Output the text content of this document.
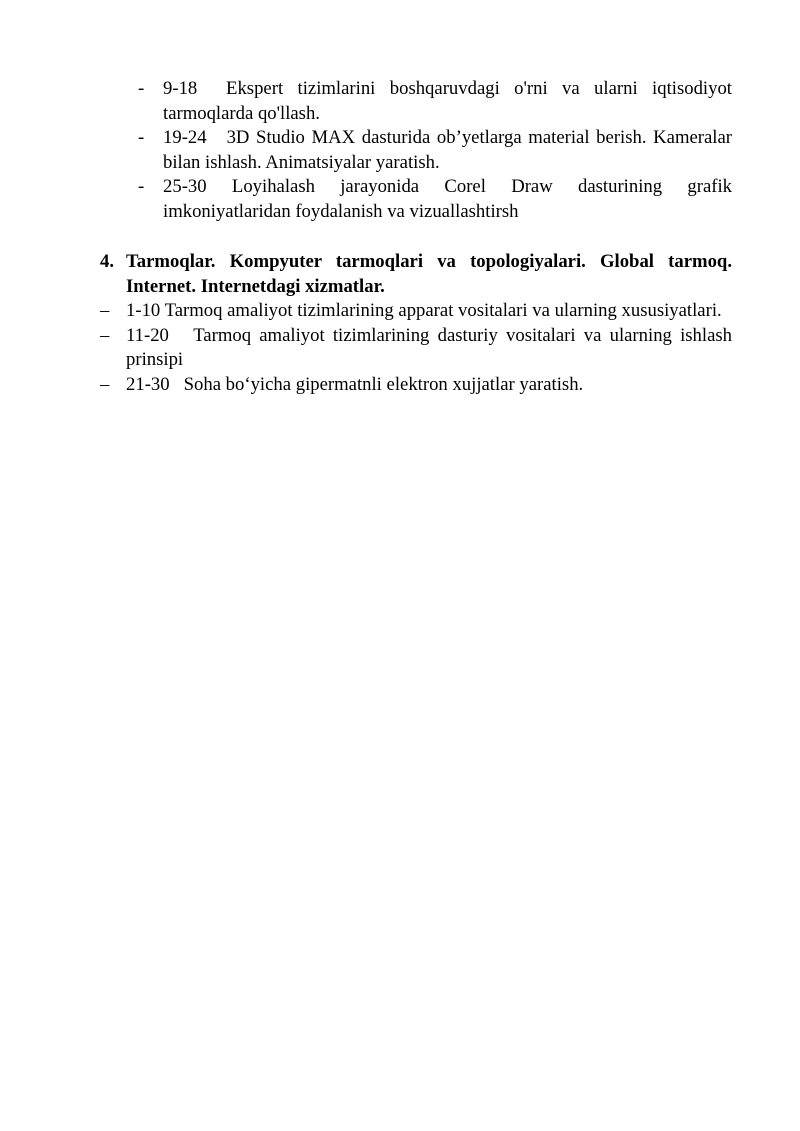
- 9-18 Ekspert tizimlarini boshqaruvdagi o'rni va ularni iqtisodiyot tarmoqlarda qo'llash.
- 19-24 3D Studio MAX dasturida ob’yetlarga material berish. Kameralar bilan ishlash. Animatsiyalar yaratish.
- 25-30 Loyihalash jarayonida Corel Draw dasturining grafik imkoniyatlaridan foydalanish va vizuallashtirsh
4. Tarmoqlar. Kompyuter tarmoqlari va topologiyalari. Global tarmoq. Internet. Internetdagi xizmatlar.
– 1-10 Tarmoq amaliyot tizimlarining apparat vositalari va ularning xususiyatlari.
– 11-20 Tarmoq amaliyot tizimlarining dasturiy vositalari va ularning ishlash prinsipi
– 21-30 Soha bo‘yicha gipermatnli elektron xujjatlar yaratish.
